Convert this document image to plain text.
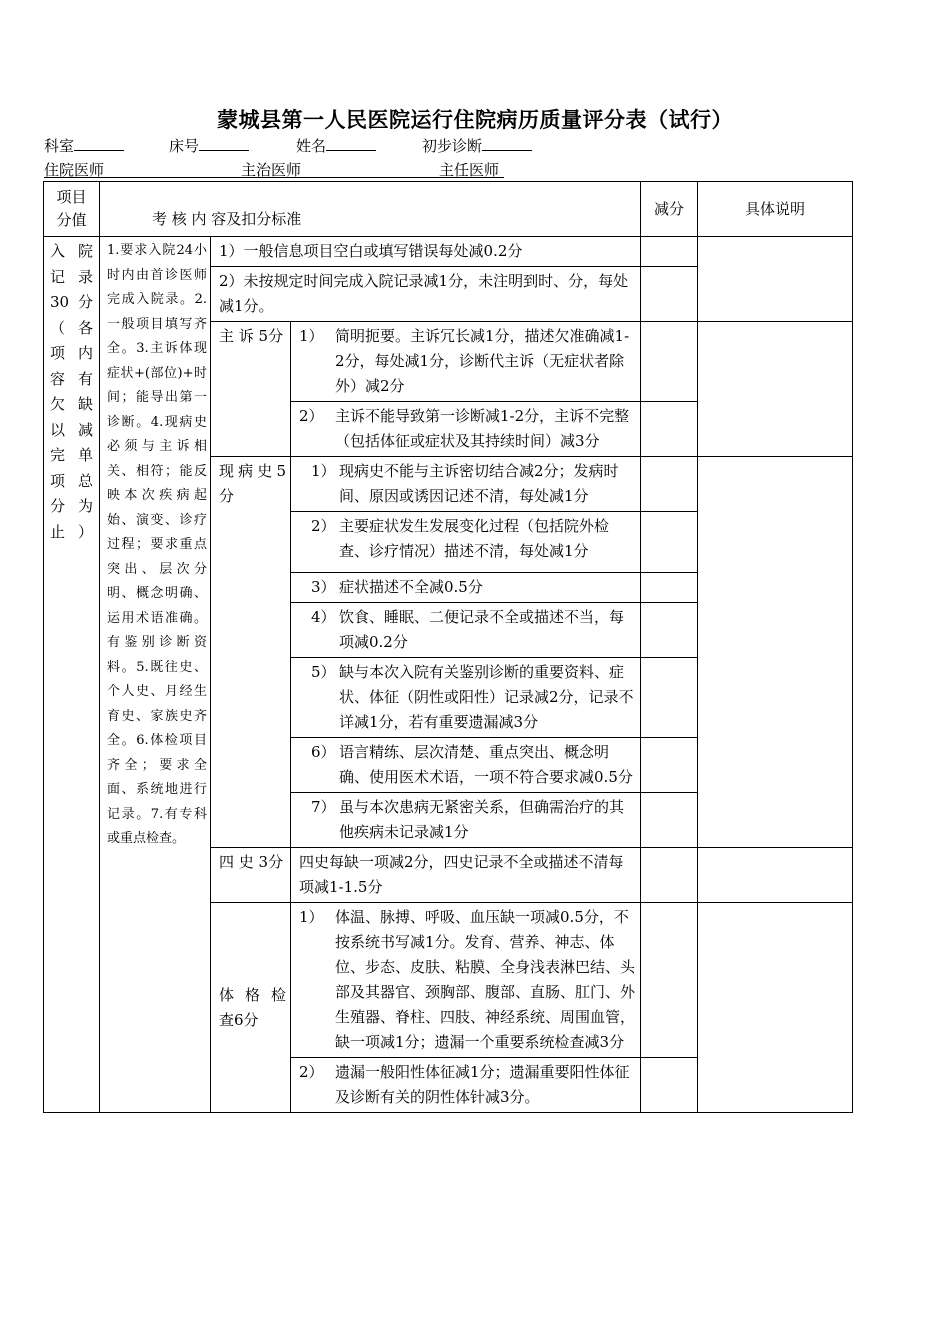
蒙城县第一人民医院运行住院病历质量评分表（试行）
科室	床号	姓名	初步诊断
住院医师	主治医师	主任医师
项目分值	考 核 内 容及扣分标准			减分	具体说明
入院记录30分（各项内容有欠缺以减完单项总分为止）	1.要求入院24小时内由首诊医师完成入院录。2.一般项目填写齐全。3.主诉体现症状+(部位)+时间；能导出第一诊断。4.现病史必须与主诉相关、相符；能反映本次疾病起始、演变、诊疗过程；要求重点突出、层次分明、概念明确、运用术语准确。有鉴别诊断资料。5.既往史、个人史、月经生育史、家族史齐全。6.体检项目齐全；要求全面、系统地进行记录。7.有专科或重点检查。	1）一般信息项目空白或填写错误每处减0.2分			
		2）未按规定时间完成入院记录减1分，未注明到时、分，每处减1分。			
		主 诉 5分	1） 简明扼要。主诉冗长减1分，描述欠准确减1-2分，每处减1分，诊断代主诉（无症状者除外）减2分		

			2） 主诉不能导致第一诊断减1-2分，主诉不完整（包括体征或症状及其持续时间）减3分		
		现病史5分	1） 现病史不能与主诉密切结合减2分；发病时间、原因或诱因记述不清，每处减1分		

			2） 主要症状发生发展变化过程（包括院外检查、诊疗情况）描述不清，每处减1分		

			3） 症状描述不全减0.5分		

			4） 饮食、睡眠、二便记录不全或描述不当，每项减0.2分		

			5） 缺与本次入院有关鉴别诊断的重要资料、症状、体征（阴性或阳性）记录减2分，记录不详减1分，若有重要遗漏减3分		

			6） 语言精练、层次清楚、重点突出、概念明确、使用医术术语，一项不符合要求减0.5分		

			7） 虽与本次患病无紧密关系，但确需治疗的其他疾病未记录减1分		
		四 史 3分	四史每缺一项减2分，四史记录不全或描述不清每项减1-1.5分		
		体 格 检查6分	1） 体温、脉搏、呼吸、血压缺一项减0.5分，不按系统书写减1分。发育、营养、神志、体位、步态、皮肤、粘膜、全身浅表淋巴结、头部及其器官、颈胸部、腹部、直肠、肛门、外生殖器、脊柱、四肢、神经系统、周围血管，缺一项减1分；遗漏一个重要系统检查减3分		

			2） 遗漏一般阳性体征减1分；遗漏重要阳性体征及诊断有关的阴性体针减3分。		
